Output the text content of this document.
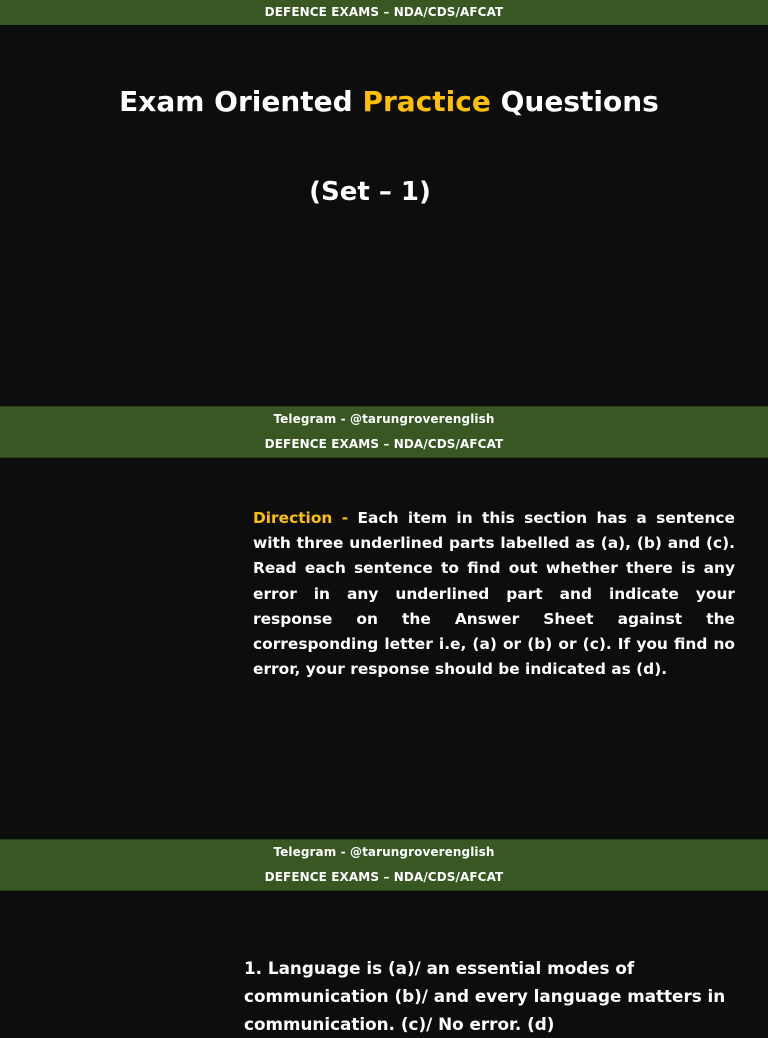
DEFENCE EXAMS – NDA/CDS/AFCAT
Exam Oriented Practice Questions
(Set – 1)
Telegram - @tarungroverenglish
DEFENCE EXAMS – NDA/CDS/AFCAT

Direction - Each item in this section has a sentence with three underlined parts labelled as (a), (b) and (c). Read each sentence to find out whether there is any error in any underlined part and indicate your response on the Answer Sheet against the corresponding letter i.e, (a) or (b) or (c). If you find no error, your response should be indicated as (d).

Telegram - @tarungroverenglish
DEFENCE EXAMS – NDA/CDS/AFCAT

1. Language is (a)/ an essential modes of communication (b)/ and every language matters in communication. (c)/ No error. (d)
